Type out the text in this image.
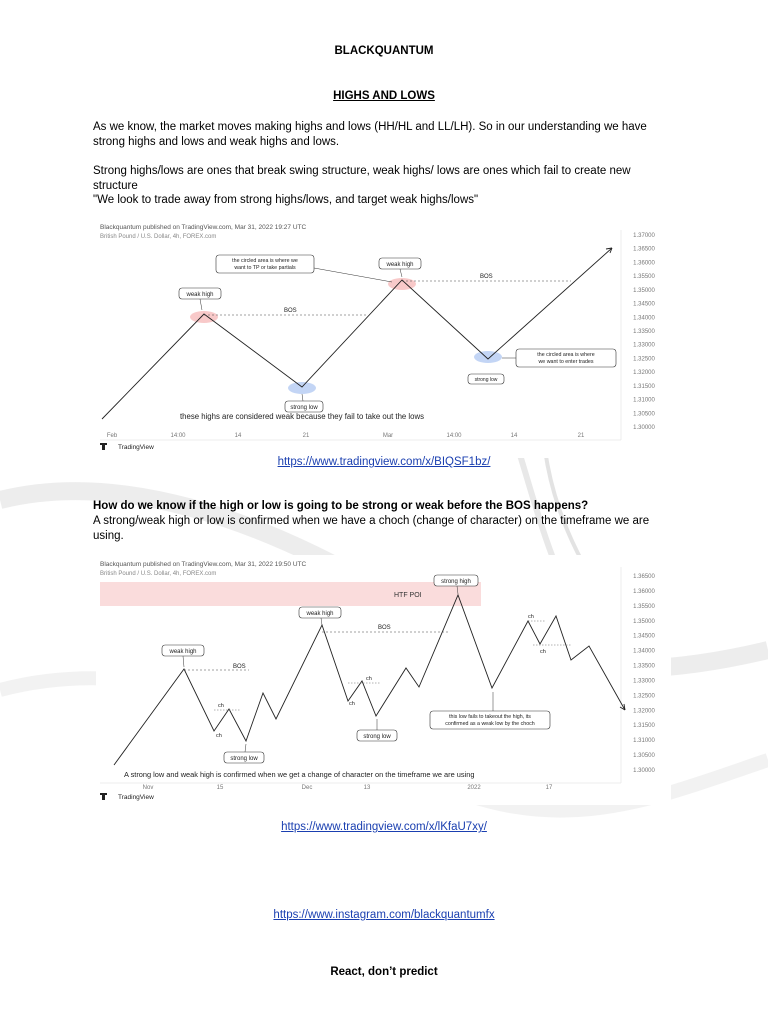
BLACKQUANTUM
HIGHS AND LOWS
As we know, the market moves making highs and lows (HH/HL and LL/LH). So in our understanding we have
strong highs and lows and weak highs and lows.
Strong highs/lows are ones that break swing structure, weak highs/ lows are ones which fail to create new
structure
"We look to trade away from strong highs/lows, and target weak highs/lows"
Blackquantum published on TradingView.com, Mar 31, 2022 19:27 UTC
British Pound / U.S. Dollar, 4h, FOREX.com	1.37000
1.36500
1.36000
1.35500
1.35000
1.34500
1.34000
1.33500
1.33000
1.32500
1.32000
1.31500
1.31000
1.30500
1.30000
Feb	14:00	14	21	Mar	14:00	14	21
BOS
BOS
weak high
weak high
the circled area is where we
want to TP or take partials
strong low
the circled area is where
we want to enter trades
strong low
these highs are considered weak because they fail to take out the lows
TradingView
https://www.tradingview.com/x/BIQSF1bz/
How do we know if the high or low is going to be strong or weak before the BOS happens?
A strong/weak high or low is confirmed when we have a choch (change of character) on the timeframe we are
using.
Blackquantum published on TradingView.com, Mar 31, 2022 19:50 UTC
British Pound / U.S. Dollar, 4h, FOREX.com	1.36500
1.36000
1.35500
1.35000
1.34500
1.34000
1.33500
1.33000
1.32500
1.32000
1.31500
1.31000
1.30500
1.30000
Nov	15	Dec	13	2022	17
HTF POI
BOS
BOS
ch
ch
ch
ch
ch
ch
weak high
weak high
strong high
strong low
strong low
this low fails to takeout the high, its
confirmed as a weak low by the choch
A strong low and weak high is confirmed when we get a change of character on the timeframe we are using
TradingView
https://www.tradingview.com/x/lKfaU7xy/
https://www.instagram.com/blackquantumfx
React, don’t predict
